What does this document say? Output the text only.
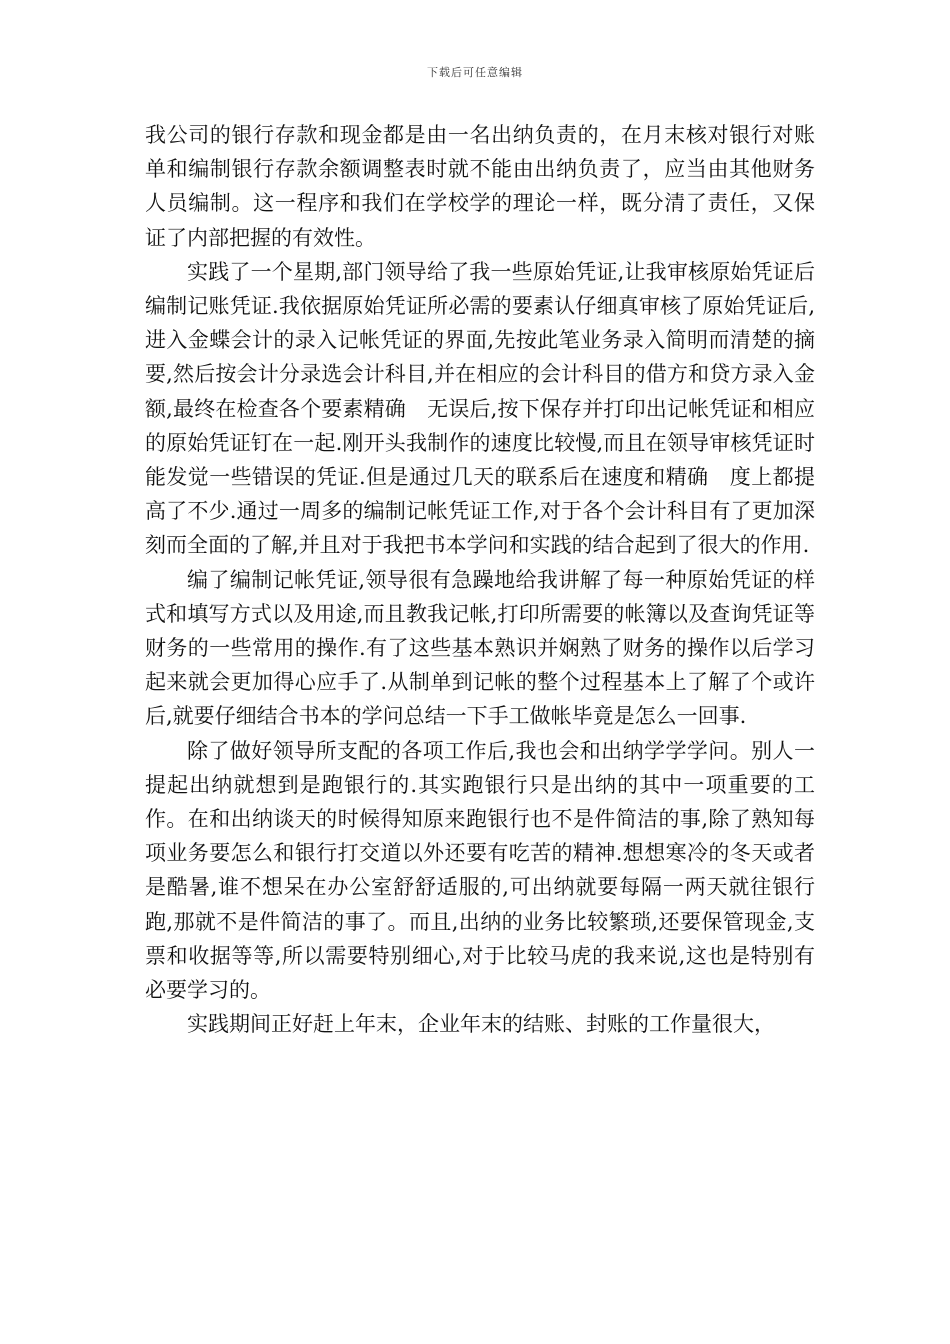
下载后可任意编辑

我公司的银行存款和现金都是由一名出纳负责的，在月末核对银行对账单和编制银行存款余额调整表时就不能由出纳负责了，应当由其他财务人员编制。这一程序和我们在学校学的理论一样，既分清了责任，又保证了内部把握的有效性。

实践了一个星期,部门领导给了我一些原始凭证,让我审核原始凭证后编制记账凭证.我依据原始凭证所必需的要素认仔细真审核了原始凭证后,进入金蝶会计的录入记帐凭证的界面,先按此笔业务录入简明而清楚的摘要,然后按会计分录选会计科目,并在相应的会计科目的借方和贷方录入金额,最终在检查各个要素精确　无误后,按下保存并打印出记帐凭证和相应的原始凭证钉在一起.刚开头我制作的速度比较慢,而且在领导审核凭证时能发觉一些错误的凭证.但是通过几天的联系后在速度和精确　度上都提高了不少.通过一周多的编制记帐凭证工作,对于各个会计科目有了更加深刻而全面的了解,并且对于我把书本学问和实践的结合起到了很大的作用.

编了编制记帐凭证,领导很有急躁地给我讲解了每一种原始凭证的样式和填写方式以及用途,而且教我记帐,打印所需要的帐簿以及查询凭证等财务的一些常用的操作.有了这些基本熟识并娴熟了财务的操作以后学习起来就会更加得心应手了.从制单到记帐的整个过程基本上了解了个或许后,就要仔细结合书本的学问总结一下手工做帐毕竟是怎么一回事.

除了做好领导所支配的各项工作后,我也会和出纳学学学问。别人一提起出纳就想到是跑银行的.其实跑银行只是出纳的其中一项重要的工作。在和出纳谈天的时候得知原来跑银行也不是件简洁的事,除了熟知每项业务要怎么和银行打交道以外还要有吃苦的精神.想想寒冷的冬天或者是酷暑,谁不想呆在办公室舒舒适服的,可出纳就要每隔一两天就往银行跑,那就不是件简洁的事了。而且,出纳的业务比较繁琐,还要保管现金,支票和收据等等,所以需要特别细心,对于比较马虎的我来说,这也是特别有必要学习的。

实践期间正好赶上年末，企业年末的结账、封账的工作量很大，
